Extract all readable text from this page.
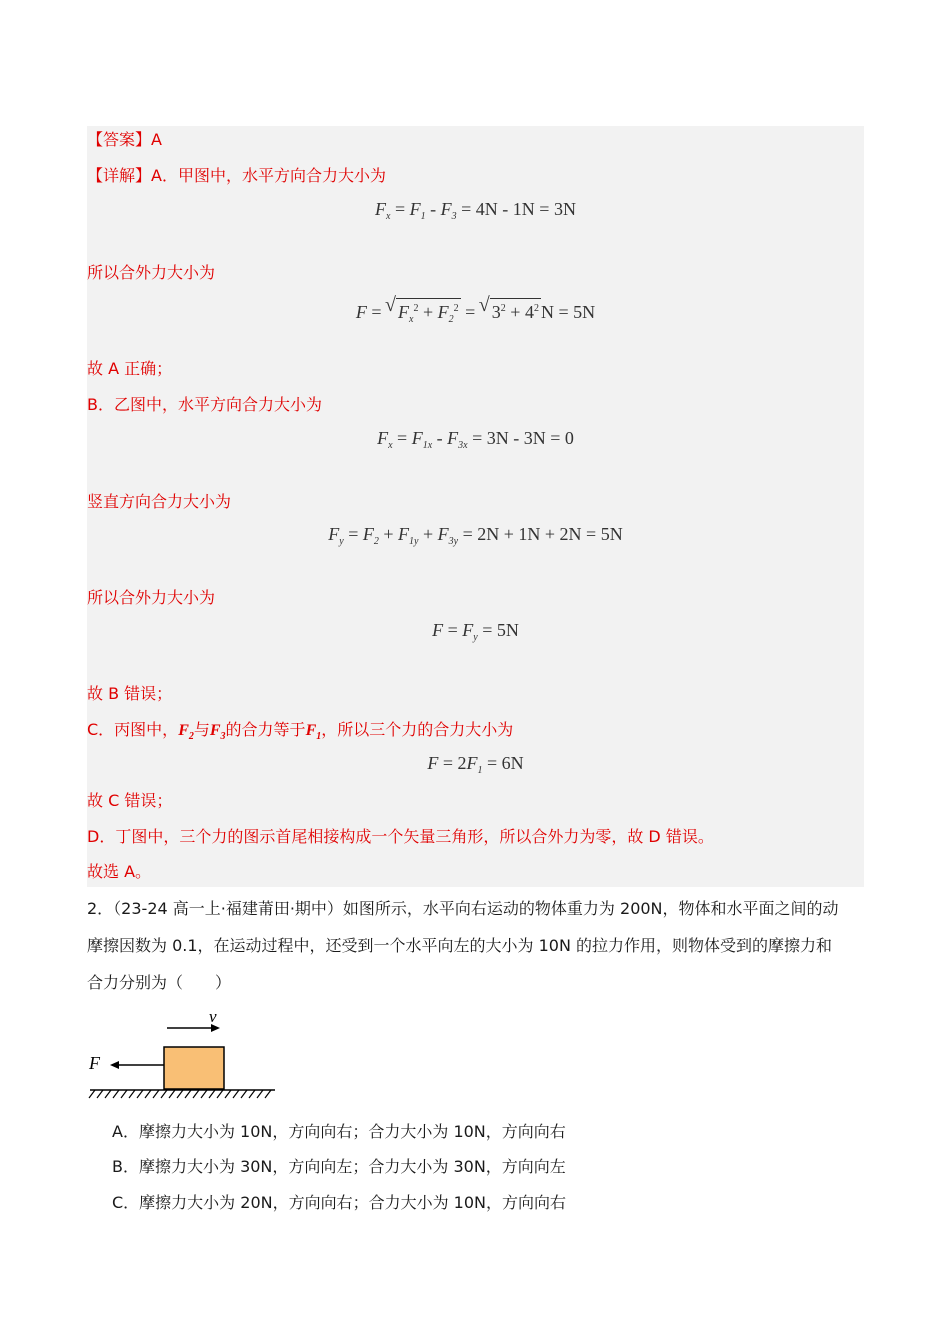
【答案】A
【详解】A．甲图中，水平方向合力大小为
$F_x = F_1 - F_3 = 4N - 1N = 3N$
所以合外力大小为
F = √ $F_x^2 + F_2^2$ = √ $3^2 + 4^2$ N = 5N
故 A 正确；
B．乙图中，水平方向合力大小为
$F_x = F_{1x} - F_{3x} = 3N - 3N = 0$
竖直方向合力大小为
$F_y = F_2 + F_{1y} + F_{3y} = 2N + 1N + 2N = 5N$
所以合外力大小为
$F = F_y = 5N$
故 B 错误；
C．丙图中，$F_2$与$F_3$的合力等于$F_1$，所以三个力的合力大小为
$F = 2F_1 = 6N$
故 C 错误；
D．丁图中，三个力的图示首尾相接构成一个矢量三角形，所以合外力为零，故 D 错误。
故选 A。
2．（23-24 高一上·福建莆田·期中）如图所示，水平向右运动的物体重力为 200N，物体和水平面之间的动
摩擦因数为 0.1，在运动过程中，还受到一个水平向左的大小为 10N 的拉力作用，则物体受到的摩擦力和
合力分别为（　　）
v
F
A．摩擦力大小为 10N，方向向右；合力大小为 10N，方向向右
B．摩擦力大小为 30N，方向向左；合力大小为 30N，方向向左
C．摩擦力大小为 20N，方向向右；合力大小为 10N，方向向右
